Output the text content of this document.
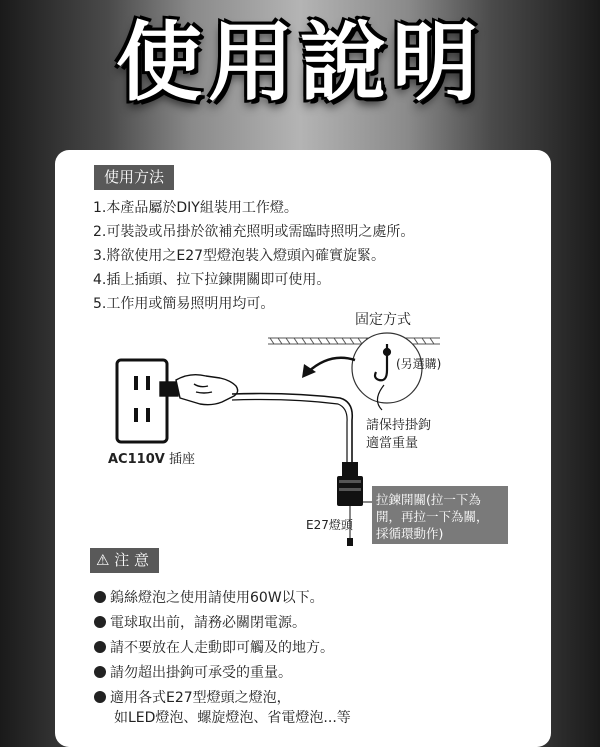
使用說明
使用方法
1.本產品屬於DIY組裝用工作燈。
2.可裝設或吊掛於欲補充照明或需臨時照明之處所。
3.將欲使用之E27型燈泡裝入燈頭內確實旋緊。
4.插上插頭、拉下拉鍊開關即可使用。
5.工作用或簡易照明用均可。
固定方式
(另選購)
請保持掛鉤
適當重量
AC110V 插座
E27燈頭
拉鍊開關(拉一下為
開，再拉一下為關，
採循環動作)
⚠ 注 意
鎢絲燈泡之使用請使用60W以下。
電球取出前，請務必關閉電源。
請不要放在人走動即可觸及的地方。
請勿超出掛鉤可承受的重量。
適用各式E27型燈頭之燈泡，
如LED燈泡、螺旋燈泡、省電燈泡...等
